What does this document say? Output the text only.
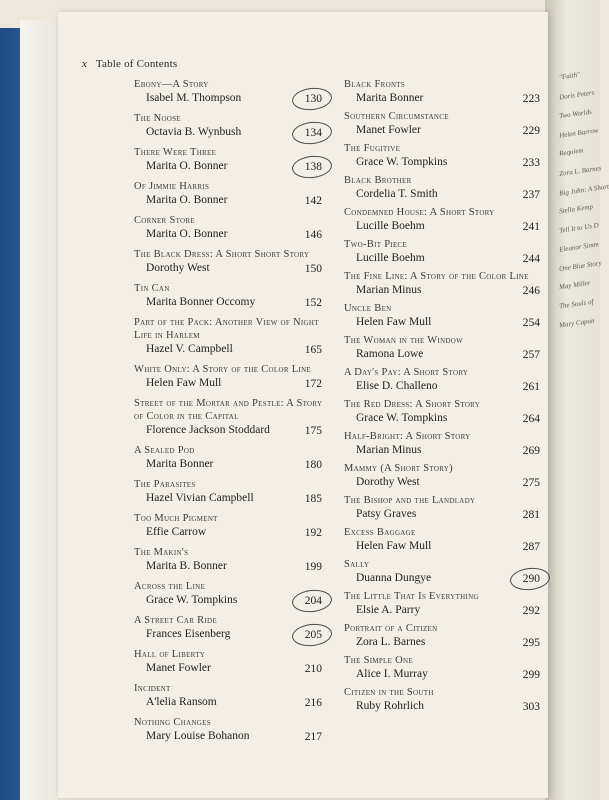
"Faith"
Doris Peters
Two Worlds
Helen Barrow
Requiem
Zora L. Barnes
Big John: A Short
Stella Kemp
Tell It to Us D
Eleanor Simm
One Blue Story
May Miller
The Souls of
Mary Capon
x Table of Contents
Ebony—A Story
Isabel M. Thompson	130
The Noose
Octavia B. Wynbush	134
There Were Three
Marita O. Bonner	138
Of Jimmie Harris
Marita O. Bonner	142
Corner Store
Marita O. Bonner	146
The Black Dress: A Short Short Story
Dorothy West	150
Tin Can
Marita Bonner Occomy	152
Part of the Pack: Another View of Night Life in Harlem
Hazel V. Campbell	165
White Only: A Story of the Color Line
Helen Faw Mull	172
Street of the Mortar and Pestle: A Story of Color in the Capital
Florence Jackson Stoddard	175
A Sealed Pod
Marita Bonner	180
The Parasites
Hazel Vivian Campbell	185
Too Much Pigment
Effie Carrow	192
The Makin's
Marita B. Bonner	199
Across the Line
Grace W. Tompkins	204
A Street Car Ride
Frances Eisenberg	205
Hall of Liberty
Manet Fowler	210
Incident
A'lelia Ransom	216
Nothing Changes
Mary Louise Bohanon	217
Black Fronts
Marita Bonner	223
Southern Circumstance
Manet Fowler	229
The Fugitive
Grace W. Tompkins	233
Black Brother
Cordelia T. Smith	237
Condemned House: A Short Story
Lucille Boehm	241
Two-Bit Piece
Lucille Boehm	244
The Fine Line: A Story of the Color Line
Marian Minus	246
Uncle Ben
Helen Faw Mull	254
The Woman in the Window
Ramona Lowe	257
A Day's Pay: A Short Story
Elise D. Challeno	261
The Red Dress: A Short Story
Grace W. Tompkins	264
Half-Bright: A Short Story
Marian Minus	269
Mammy (A Short Story)
Dorothy West	275
The Bishop and the Landlady
Patsy Graves	281
Excess Baggage
Helen Faw Mull	287
Sally
Duanna Dungye	290
The Little That Is Everything
Elsie A. Parry	292
Portrait of a Citizen
Zora L. Barnes	295
The Simple One
Alice I. Murray	299
Citizen in the South
Ruby Rohrlich	303
